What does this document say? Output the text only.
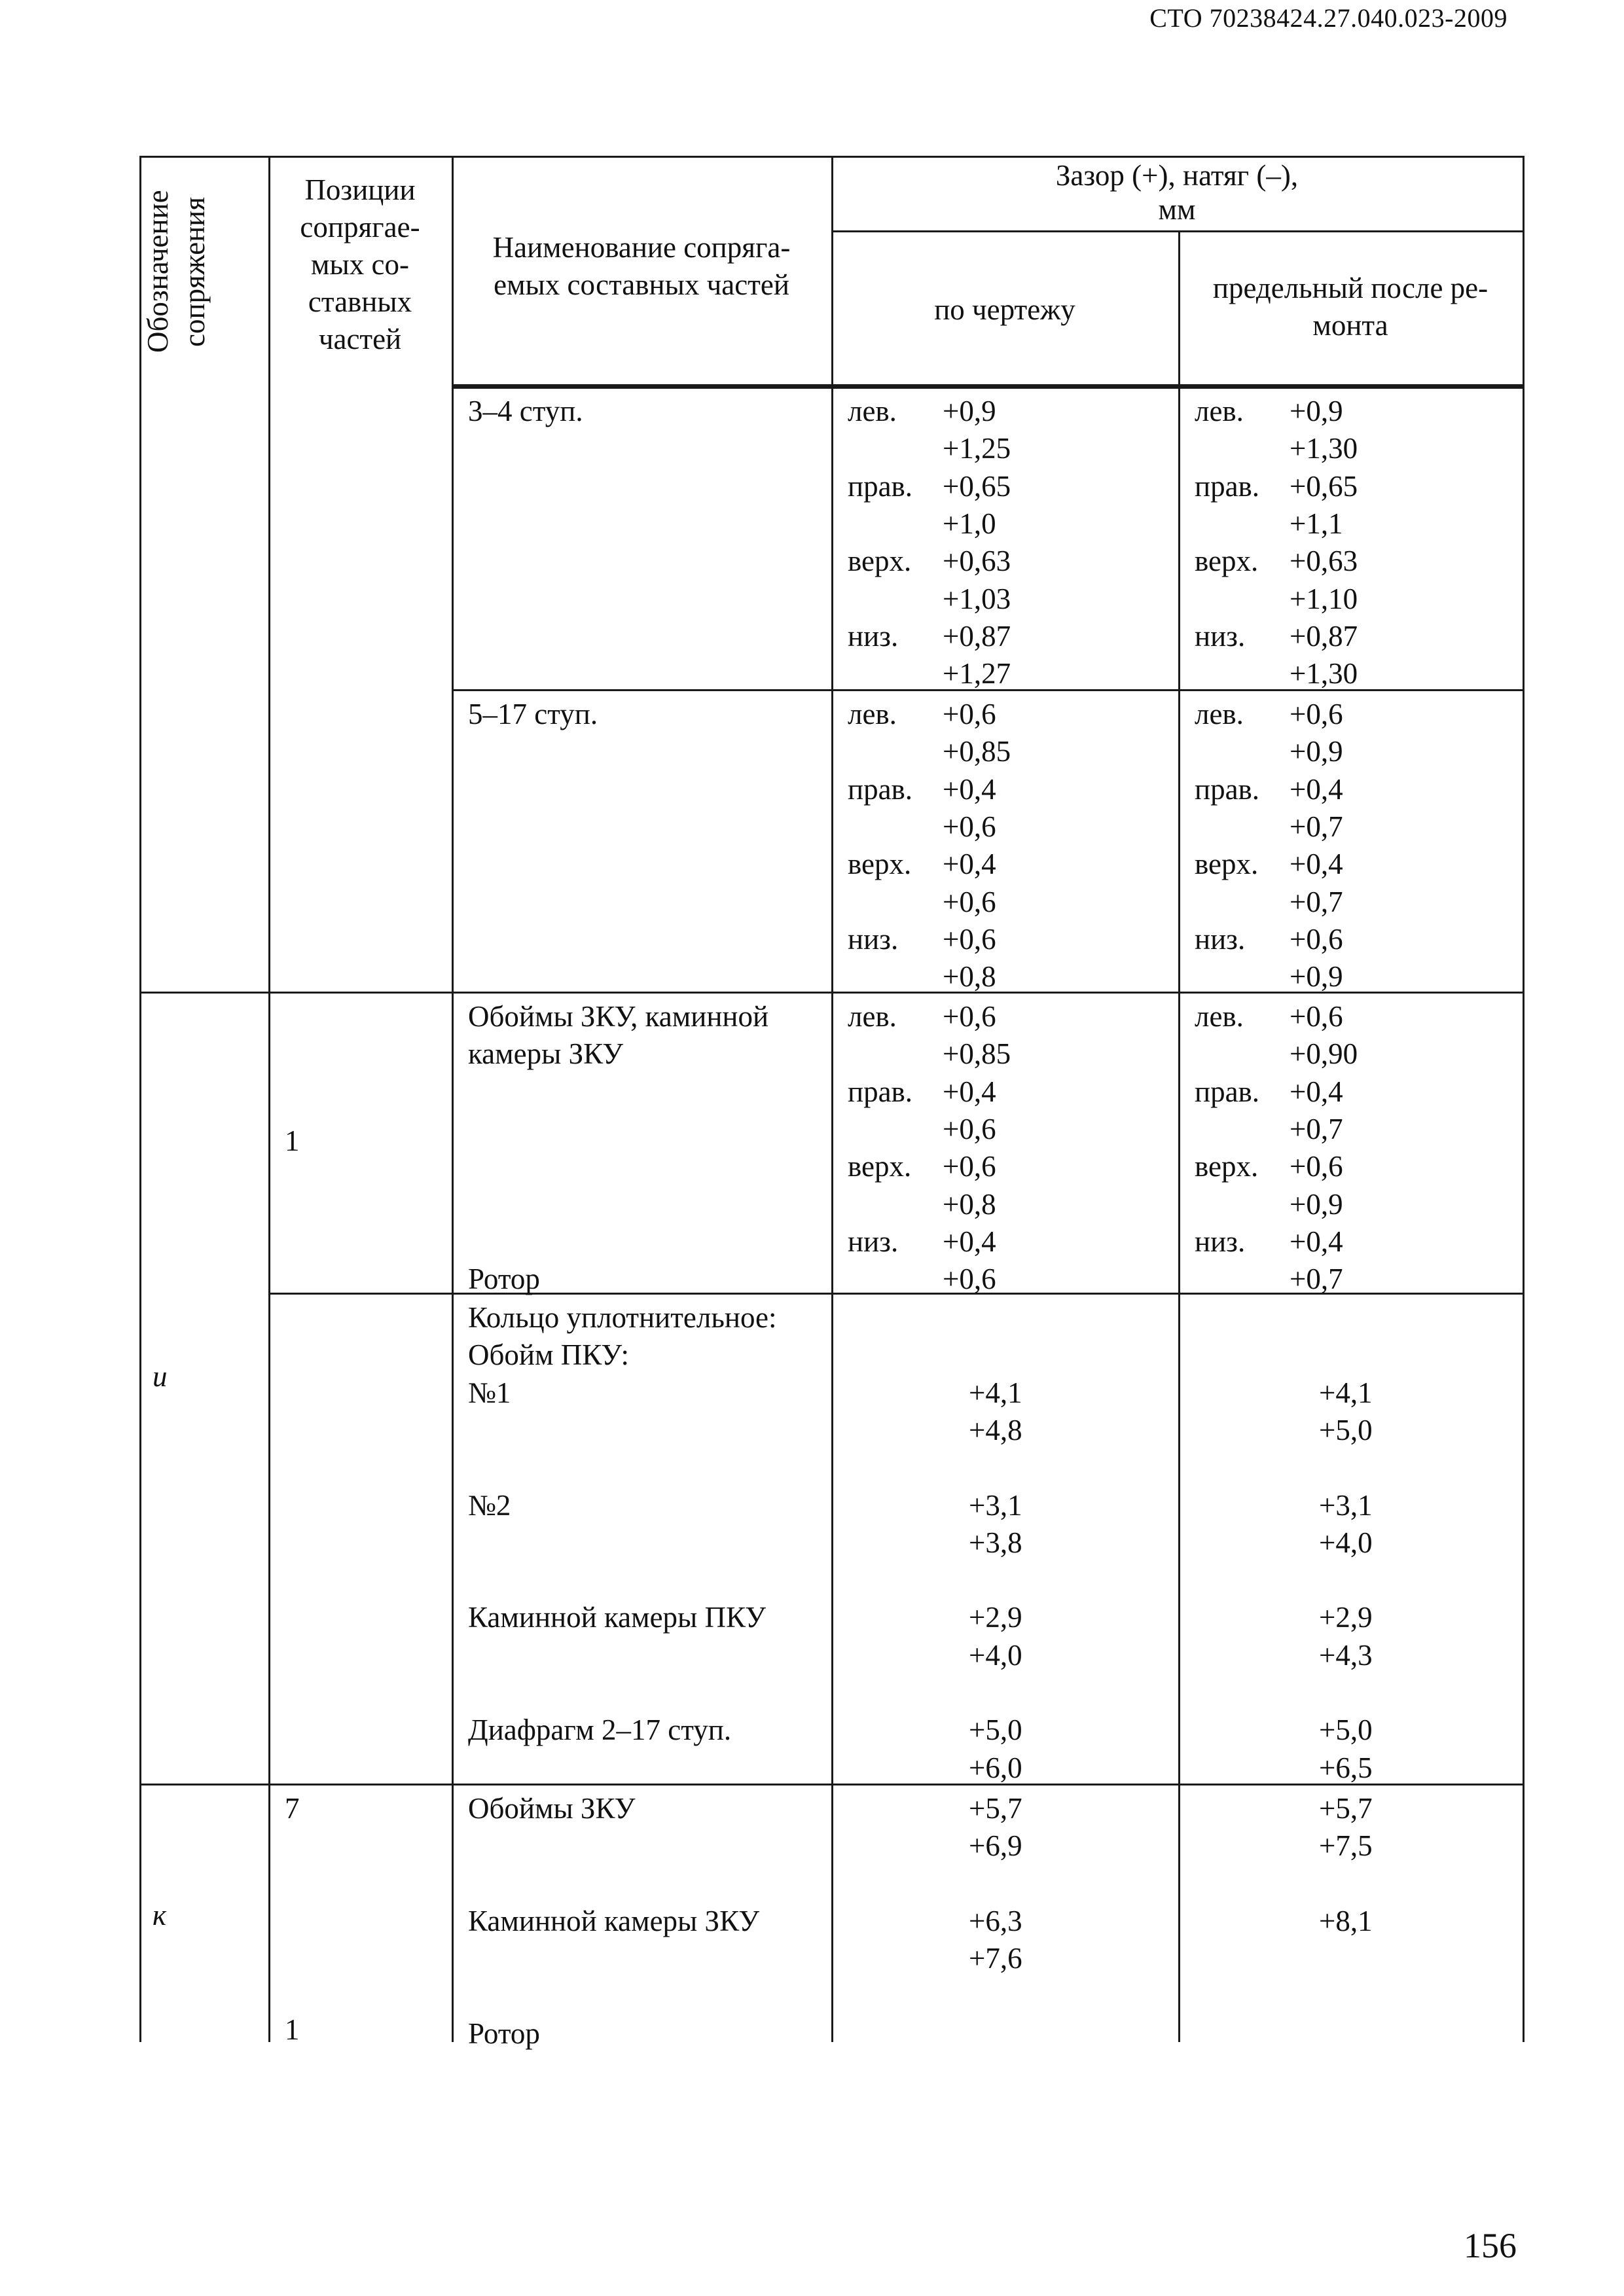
СТО 70238424.27.040.023-2009
Обозначение сопряжения
Позиции
сопрягае-
мых со-
ставных
частей
Наименование сопряга-
емых составных частей
Зазор (+), натяг (–),
мм
по чертежу
предельный после ре-
монта
3–4 ступ.	лев. +0,9
+1,25
прав. +0,65
+1,0
верх. +0,63
+1,03
низ. +0,87
+1,27
лев. +0,9
+1,30
прав. +0,65
+1,1
верх. +0,63
+1,10
низ. +0,87
+1,30
5–17 ступ.	лев. +0,6
+0,85
прав. +0,4
+0,6
верх. +0,4
+0,6
низ. +0,6
+0,8
лев. +0,6
+0,9
прав. +0,4
+0,7
верх. +0,4
+0,7
низ. +0,6
+0,9
Обоймы ЗКУ, каминной
камеры ЗКУ
Ротор
лев. +0,6
+0,85
прав. +0,4
+0,6
верх. +0,6
+0,8
низ. +0,4
+0,6
лев. +0,6
+0,90
прав. +0,4
+0,7
верх. +0,6
+0,9
низ. +0,4
+0,7
1
Кольцо уплотнительное:
Обойм ПКУ:
№1
№2
Каминной камеры ПКУ
Диафрагм 2–17 ступ.
+4,1
+4,8
+3,1
+3,8
+2,9
+4,0
+5,0
+6,0
+4,1
+5,0
+3,1
+4,0
+2,9
+4,3
+5,0
+6,5
Обоймы ЗКУ
Каминной камеры ЗКУ
Ротор
+5,7
+6,9
+6,3
+7,6
+5,7
+7,5
+8,1
7
1
и
к
156
